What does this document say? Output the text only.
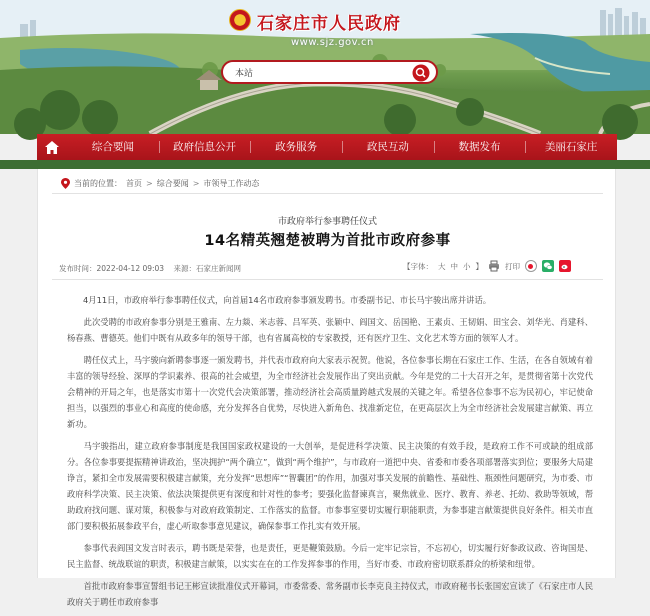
石家庄市人民政府
www.sjz.gov.cn
本站
综合要闻	政府信息公开	政务服务	政民互动	数据发布	美丽石家庄
当前的位置： 首页 > 综合要闻 > 市领导工作动态
市政府举行参事聘任仪式
14名精英翘楚被聘为首批市政府参事
发布时间：2022-04-12 09:03 来源：石家庄新闻网	【字体： 大 中 小 】	打印

4月11日，市政府举行参事聘任仪式，向首届14名市政府参事颁发聘书。市委副书记、市长马宇骏出席并讲话。

此次受聘的市政府参事分别是王雅南、左力燚、米志蓉、吕军英、张颖中、阎国文、岳国艳、王素贞、王韧娟、田宝会、刘华光、肖建科、杨春燕、曹德英。他们中既有从政多年的领导干部，也有省属高校的专家教授，还有医疗卫生、文化艺术等方面的领军人才。

聘任仪式上，马宇骏向新聘参事逐一颁发聘书，并代表市政府向大家表示祝贺。他说，各位参事长期在石家庄工作、生活，在各自领域有着丰富的领导经验、深厚的学识素养、很高的社会威望，为全市经济社会发展作出了突出贡献。今年是党的二十大召开之年，是贯彻省第十次党代会精神的开局之年，也是落实市第十一次党代会决策部署，推动经济社会高质量跨越式发展的关键之年。希望各位参事不忘为民初心，牢记使命担当，以强烈的事业心和高度的使命感，充分发挥各自优势，尽快进入新角色、找准新定位，在更高层次上为全市经济社会发展建言献策、再立新功。

马宇骏指出，建立政府参事制度是我国国家政权建设的一大创举，是促进科学决策、民主决策的有效手段，是政府工作不可或缺的组成部分。各位参事要提振精神讲政治，坚决拥护“两个确立”，做到“两个维护”，与市政府一道把中央、省委和市委各项部署落实到位；要服务大局建诤言，紧扣全市发展需要积极建言献策，充分发挥“思想库”“智囊团”的作用，加强对事关发展的前瞻性、基础性、瓶颈性问题研究，为市委、市政府科学决策、民主决策、依法决策提供更有深度和针对性的参考；要强化监督谏真言，聚焦就业、医疗、教育、养老、托幼、救助等领域，帮助政府找问题、谋对策，积极参与对政府政策制定、工作落实的监督。市参事室要切实履行职能职责，为参事建言献策提供良好条件。相关市直部门要积极拓展参政平台，虚心听取参事意见建议，确保参事工作扎实有效开展。

参事代表阎国文发言时表示，聘书既是荣誉，也是责任，更是鞭策鼓励。今后一定牢记宗旨，不忘初心，切实履行好参政议政、咨询国是、民主监督、统战联谊的职责，积极建言献策，以实实在在的工作发挥参事的作用，当好市委、市政府密切联系群众的桥梁和纽带。

首批市政府参事宣誓组书记王彬宣读批准仪式开幕词，市委常委、常务副市长李克良主持仪式，市政府秘书长张国宏宣读了《石家庄市人民政府关于聘任市政府参事
